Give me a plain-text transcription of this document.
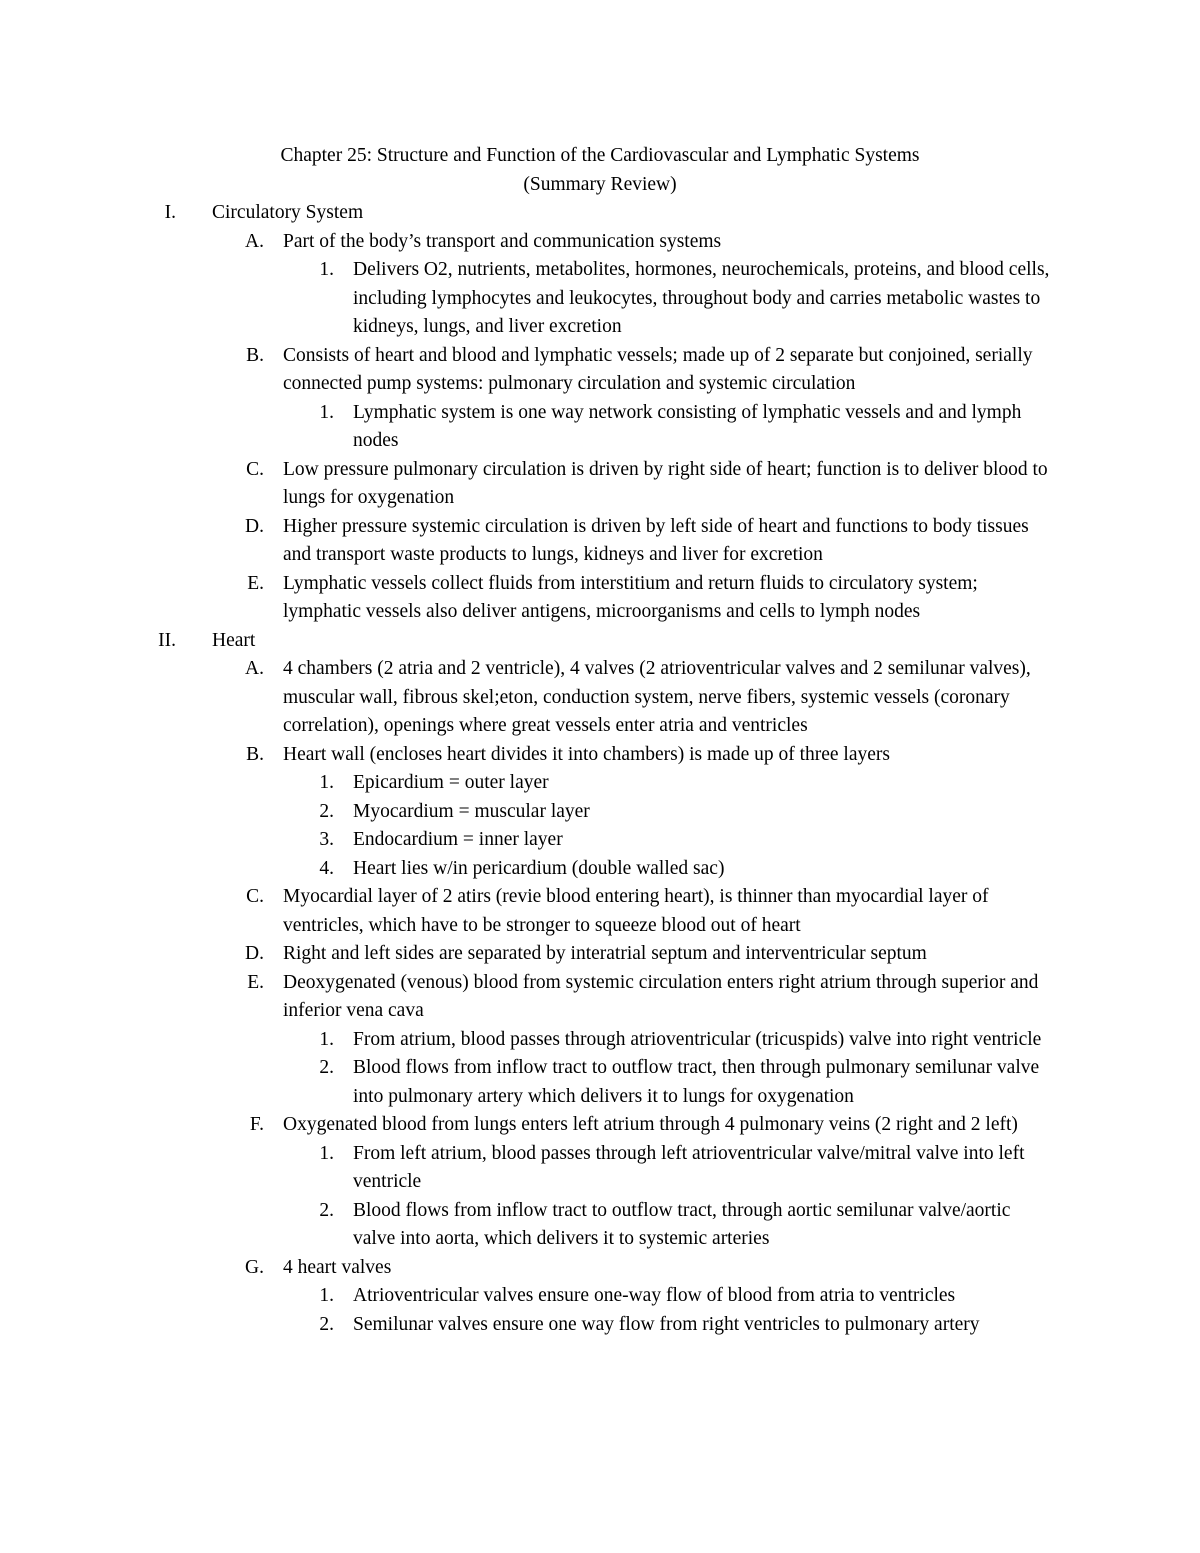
Chapter 25: Structure and Function of the Cardiovascular and Lymphatic Systems
(Summary Review)
I. Circulatory System
A. Part of the body’s transport and communication systems
1. Delivers O2, nutrients, metabolites, hormones, neurochemicals, proteins, and blood cells, including lymphocytes and leukocytes, throughout body and carries metabolic wastes to kidneys, lungs, and liver excretion
B. Consists of heart and blood and lymphatic vessels; made up of 2 separate but conjoined, serially connected pump systems: pulmonary circulation and systemic circulation
1. Lymphatic system is one way network consisting of lymphatic vessels and and lymph nodes
C. Low pressure pulmonary circulation is driven by right side of heart; function is to deliver blood to lungs for oxygenation
D. Higher pressure systemic circulation is driven by left side of heart and functions to body tissues and transport waste products to lungs, kidneys and liver for excretion
E. Lymphatic vessels collect fluids from interstitium and return fluids to circulatory system; lymphatic vessels also deliver antigens, microorganisms and cells to lymph nodes
II. Heart
A. 4 chambers (2 atria and 2 ventricle), 4 valves (2 atrioventricular valves and 2 semilunar valves), muscular wall, fibrous skel;eton, conduction system, nerve fibers, systemic vessels (coronary correlation), openings where great vessels enter atria and ventricles
B. Heart wall (encloses heart divides it into chambers) is made up of three layers
1. Epicardium = outer layer
2. Myocardium = muscular layer
3. Endocardium = inner layer
4. Heart lies w/in pericardium (double walled sac)
C. Myocardial layer of 2 atirs (revie blood entering heart), is thinner than myocardial layer of ventricles, which have to be stronger to squeeze blood out of heart
D. Right and left sides are separated by interatrial septum and interventricular septum
E. Deoxygenated (venous) blood from systemic circulation enters right atrium through superior and inferior vena cava
1. From atrium, blood passes through atrioventricular (tricuspids) valve into right ventricle
2. Blood flows from inflow tract to outflow tract, then through pulmonary semilunar valve into pulmonary artery which delivers it to lungs for oxygenation
F. Oxygenated blood from lungs enters left atrium through 4 pulmonary veins (2 right and 2 left)
1. From left atrium, blood passes through left atrioventricular valve/mitral valve into left ventricle
2. Blood flows from inflow tract to outflow tract, through aortic semilunar valve/aortic valve into aorta, which delivers it to systemic arteries
G. 4 heart valves
1. Atrioventricular valves ensure one-way flow of blood from atria to ventricles
2. Semilunar valves ensure one way flow from right ventricles to pulmonary artery
